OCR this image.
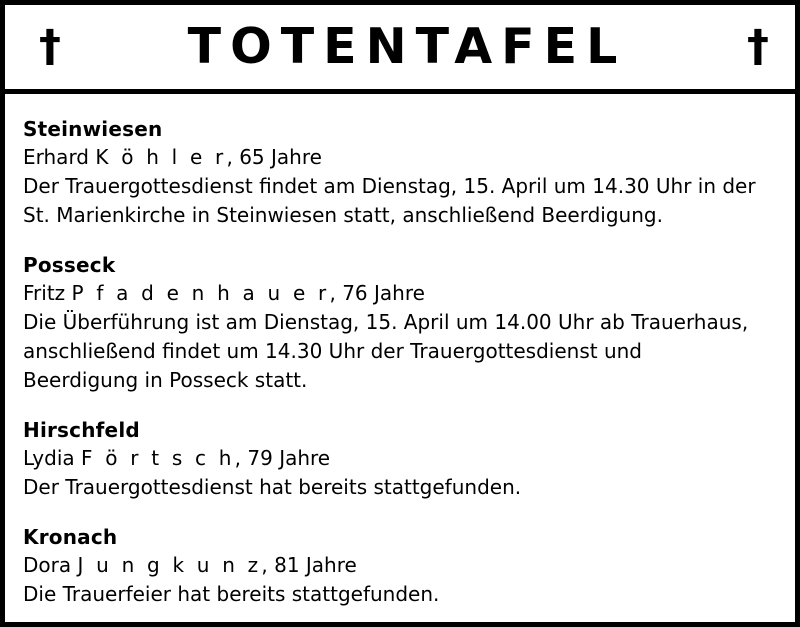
†	TOTENTAFEL	†
Steinwiesen
Erhard K ö h l e r, 65 Jahre
Der Trauergottesdienst findet am Dienstag, 15. April um 14.30 Uhr in der
St. Marienkirche in Steinwiesen statt, anschließend Beerdigung.
Posseck
Fritz P f a d e n h a u e r, 76 Jahre
Die Überführung ist am Dienstag, 15. April um 14.00 Uhr ab Trauerhaus,
anschließend findet um 14.30 Uhr der Trauergottesdienst und
Beerdigung in Posseck statt.
Hirschfeld
Lydia F ö r t s c h, 79 Jahre
Der Trauergottesdienst hat bereits stattgefunden.
Kronach
Dora J u n g k u n z, 81 Jahre
Die Trauerfeier hat bereits stattgefunden.
